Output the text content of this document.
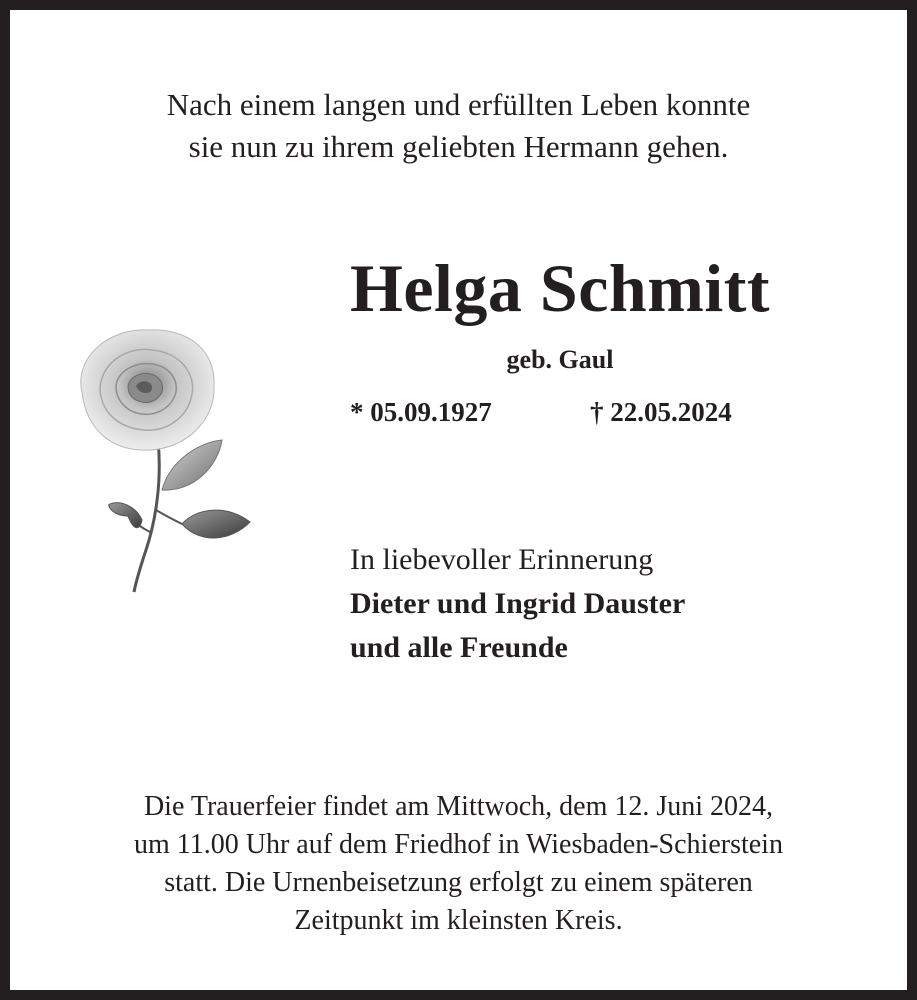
Nach einem langen und erfüllten Leben konnte
sie nun zu ihrem geliebten Hermann gehen.
Helga Schmitt
geb. Gaul
* 05.09.1927	† 22.05.2024
In liebevoller Erinnerung
Dieter und Ingrid Dauster
und alle Freunde
Die Trauerfeier findet am Mittwoch, dem 12. Juni 2024,
um 11.00 Uhr auf dem Friedhof in Wiesbaden-Schierstein
statt. Die Urnenbeisetzung erfolgt zu einem späteren
Zeitpunkt im kleinsten Kreis.
